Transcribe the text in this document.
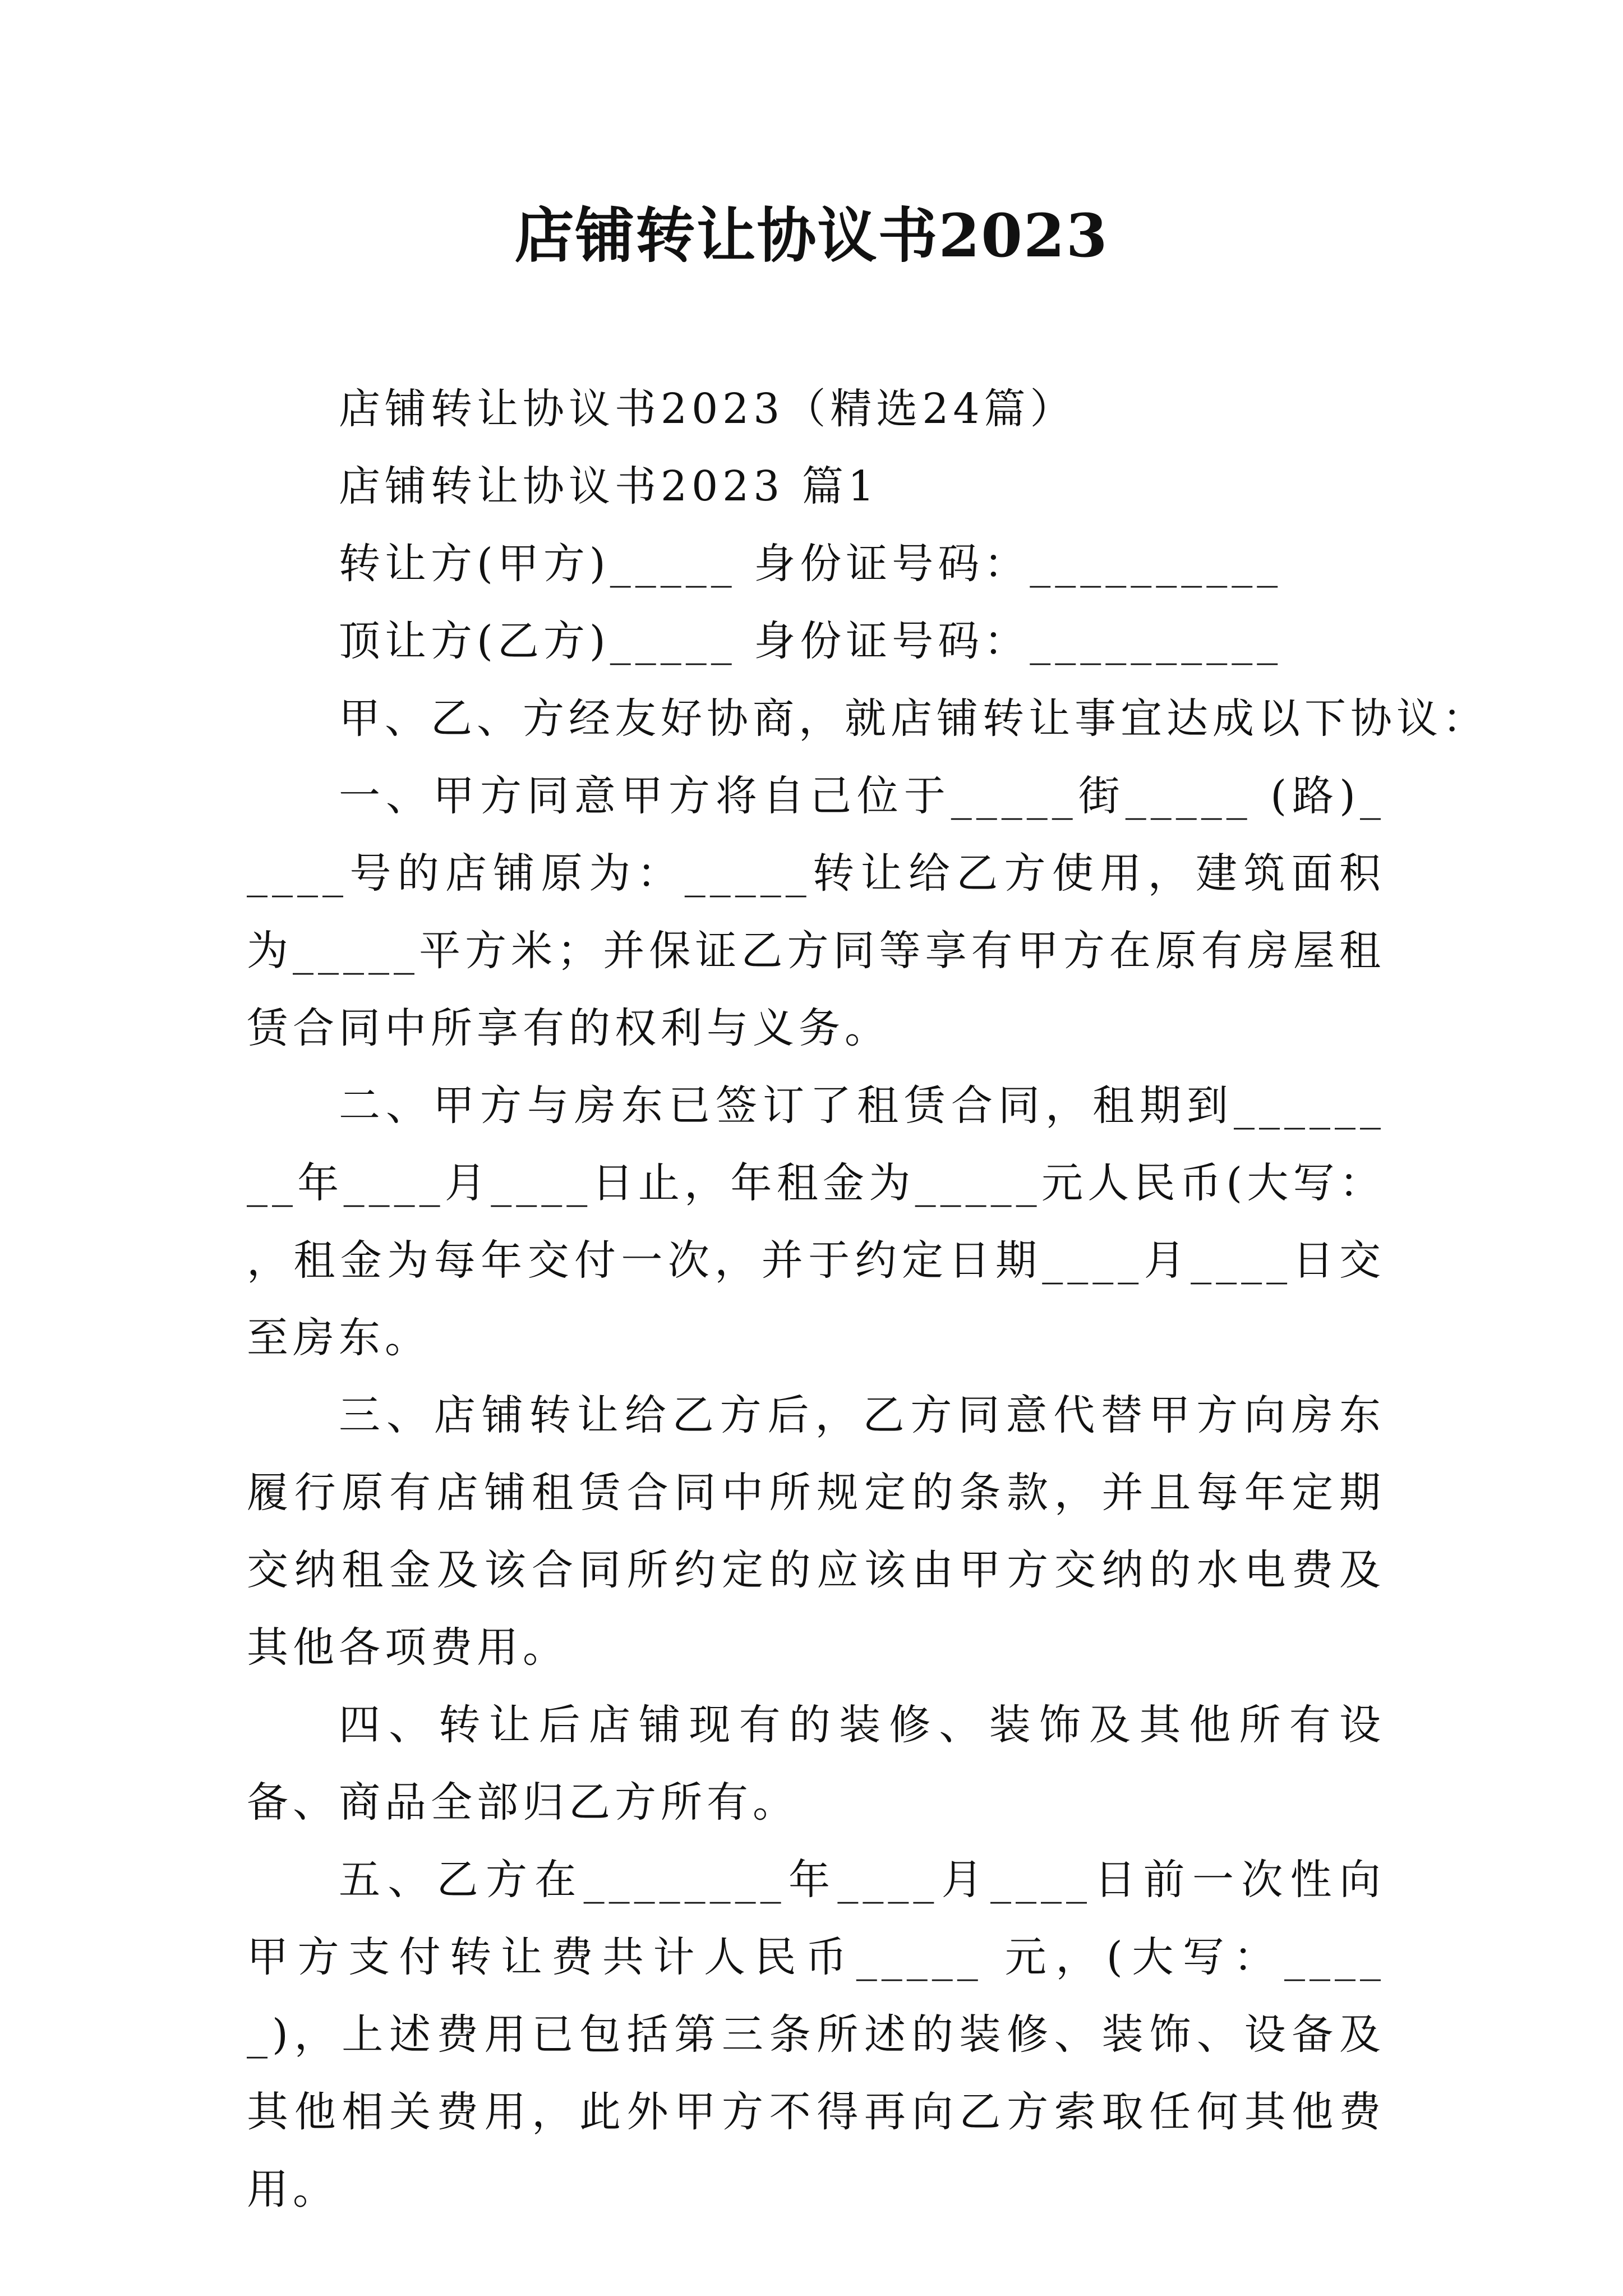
店铺转让协议书2023

店铺转让协议书2023（精选24篇）

店铺转让协议书2023 篇1

转让方(甲方)_____ 身份证号码：__________

顶让方(乙方)_____ 身份证号码：__________

甲、乙、方经友好协商，就店铺转让事宜达成以下协议：

一、甲方同意甲方将自己位于_____街_____ (路)_____号的店铺原为：_____转让给乙方使用，建筑面积为_____平方米；并保证乙方同等享有甲方在原有房屋租赁合同中所享有的权利与义务。

二、甲方与房东已签订了租赁合同，租期到________年____月____日止，年租金为_____元人民币(大写： ，租金为每年交付一次，并于约定日期____月____日交至房东。

三、店铺转让给乙方后，乙方同意代替甲方向房东履行原有店铺租赁合同中所规定的条款，并且每年定期交纳租金及该合同所约定的应该由甲方交纳的水电费及其他各项费用。

四、转让后店铺现有的装修、装饰及其他所有设备、商品全部归乙方所有。

五、乙方在________年____月____日前一次性向甲方支付转让费共计人民币_____ 元，(大写：_____)，上述费用已包括第三条所述的装修、装饰、设备及其他相关费用，此外甲方不得再向乙方索取任何其他费用。
